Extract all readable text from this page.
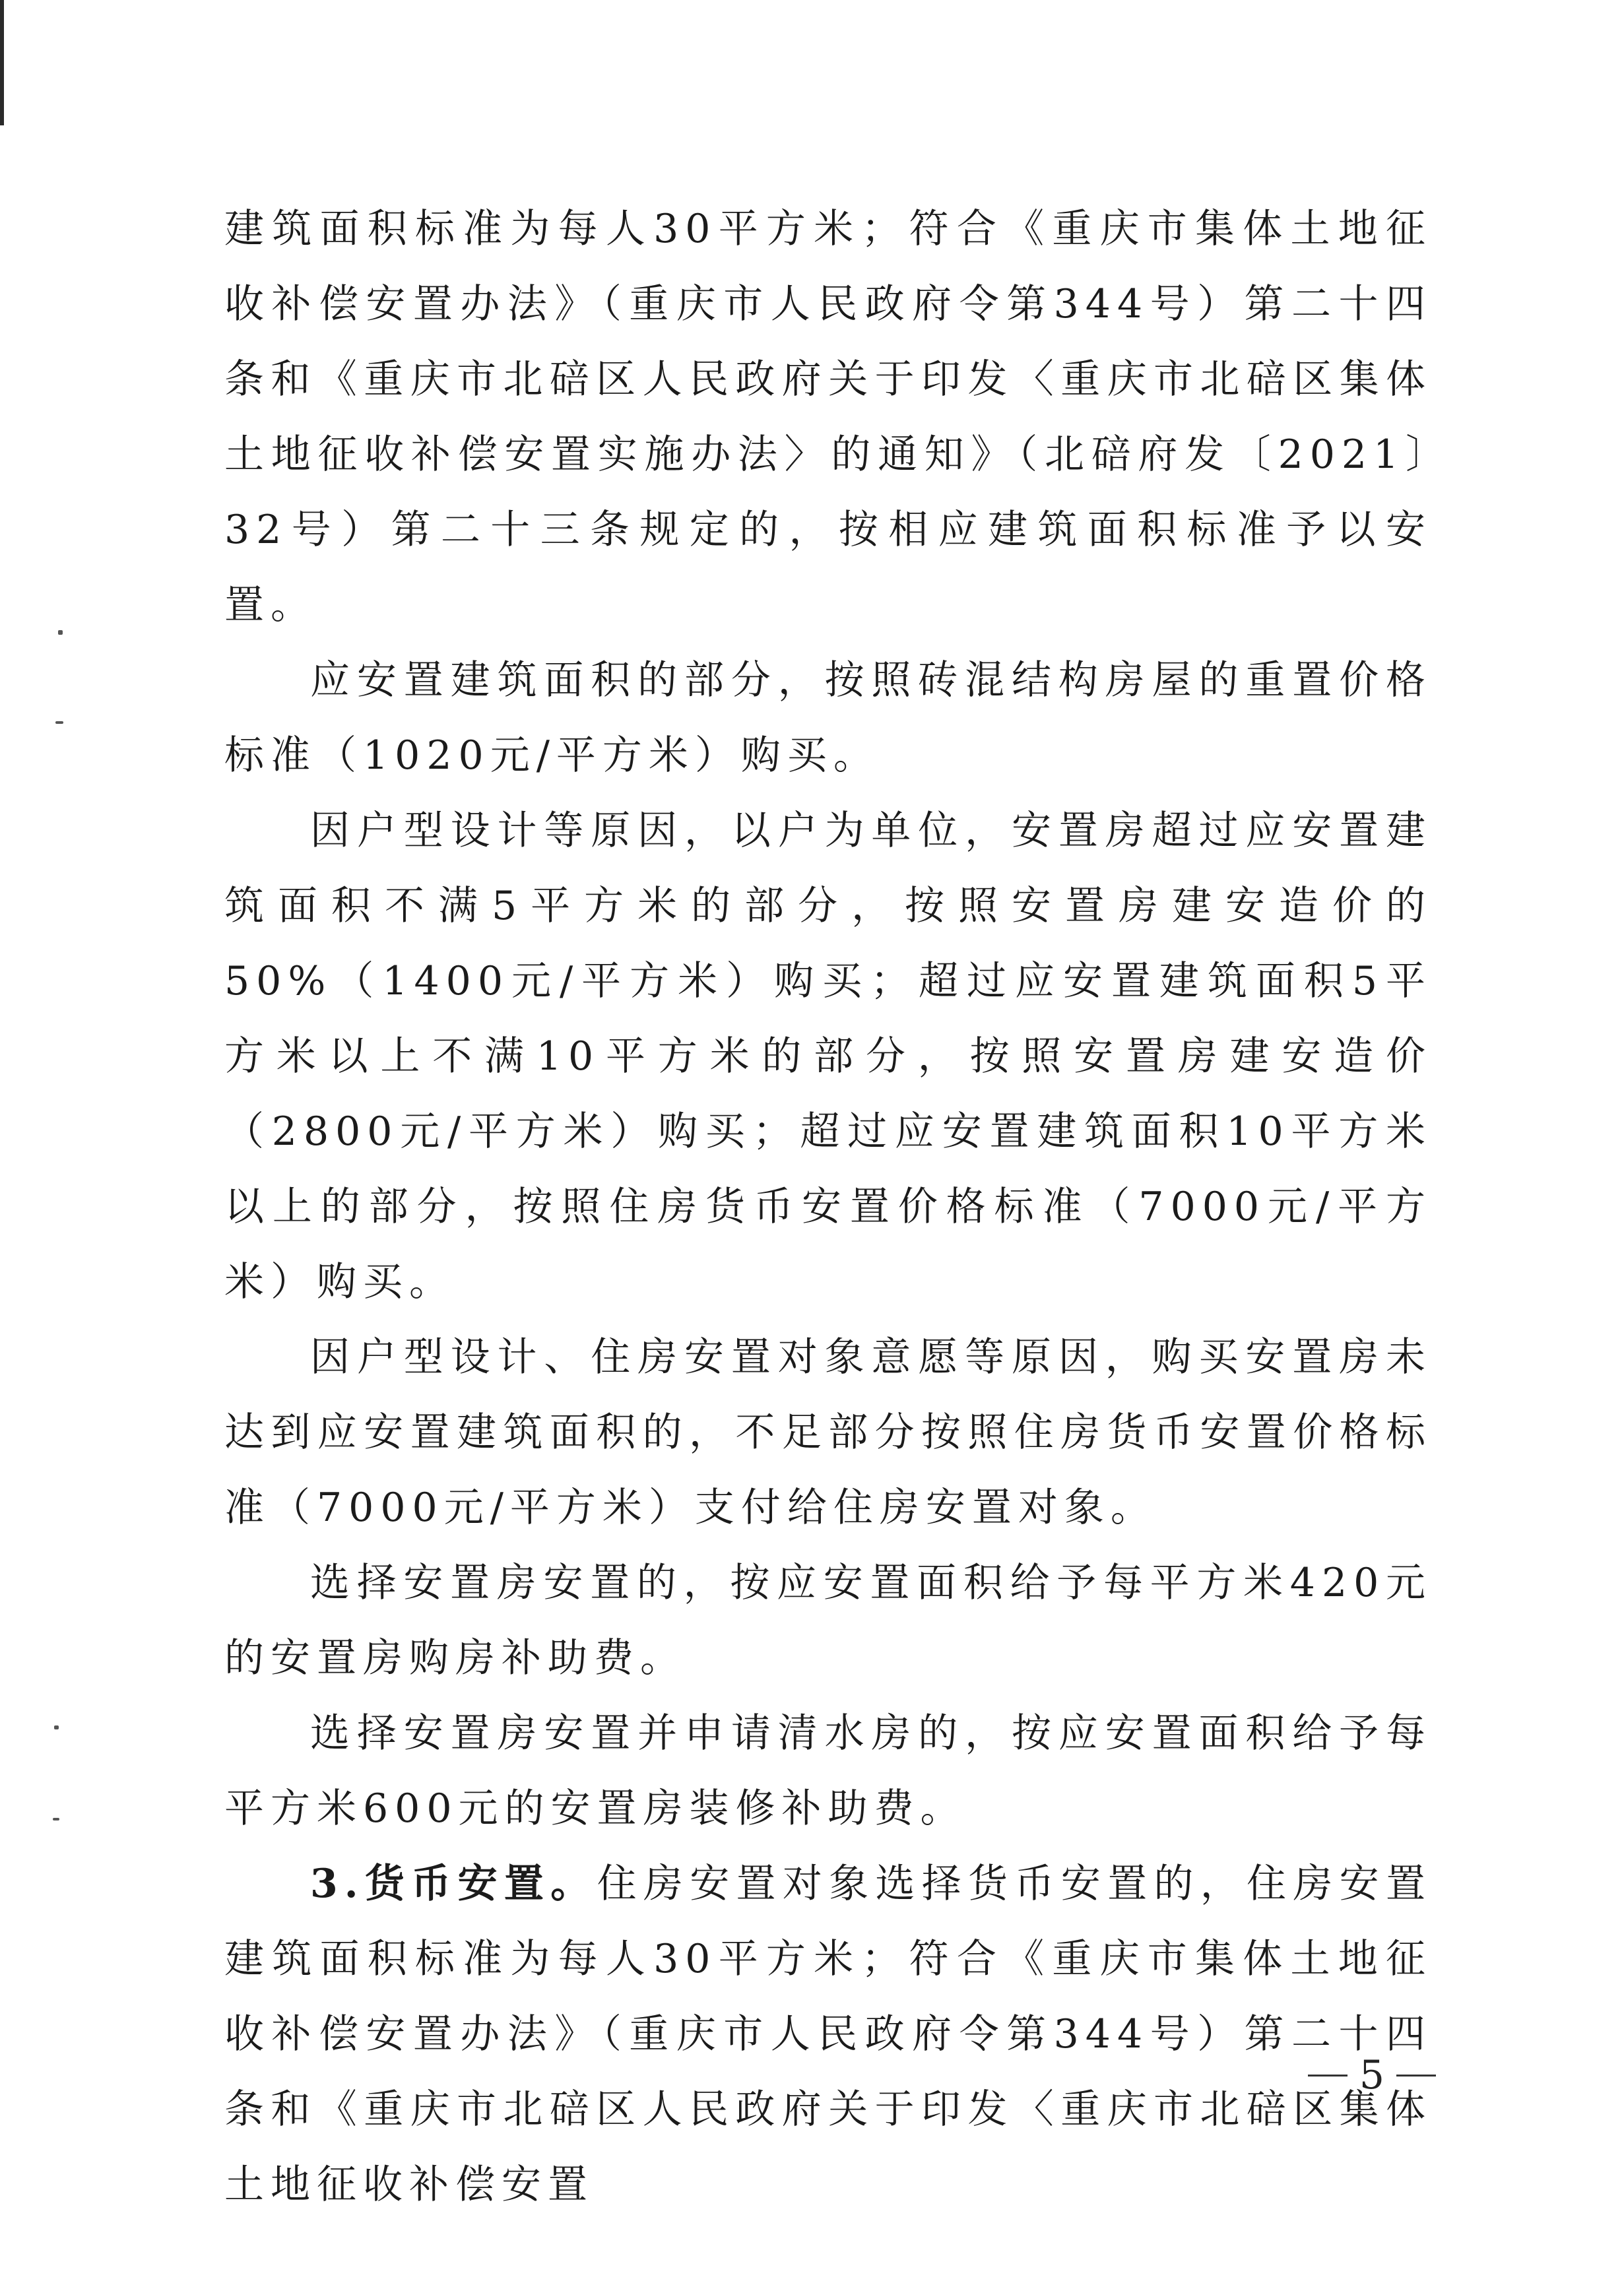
建筑面积标准为每人30平方米；符合《重庆市集体土地征收补偿安置办法》（重庆市人民政府令第344号）第二十四条和《重庆市北碚区人民政府关于印发〈重庆市北碚区集体土地征收补偿安置实施办法〉的通知》（北碚府发〔2021〕32号）第二十三条规定的，按相应建筑面积标准予以安置。

应安置建筑面积的部分，按照砖混结构房屋的重置价格标准（1020元/平方米）购买。

因户型设计等原因，以户为单位，安置房超过应安置建筑面积不满5平方米的部分，按照安置房建安造价的50%（1400元/平方米）购买；超过应安置建筑面积5平方米以上不满10平方米的部分，按照安置房建安造价（2800元/平方米）购买；超过应安置建筑面积10平方米以上的部分，按照住房货币安置价格标准（7000元/平方米）购买。

因户型设计、住房安置对象意愿等原因，购买安置房未达到应安置建筑面积的，不足部分按照住房货币安置价格标准（7000元/平方米）支付给住房安置对象。

选择安置房安置的，按应安置面积给予每平方米420元的安置房购房补助费。

选择安置房安置并申请清水房的，按应安置面积给予每平方米600元的安置房装修补助费。

3.货币安置。住房安置对象选择货币安置的，住房安置建筑面积标准为每人30平方米；符合《重庆市集体土地征收补偿安置办法》（重庆市人民政府令第344号）第二十四条和《重庆市北碚区人民政府关于印发〈重庆市北碚区集体土地征收补偿安置

5
